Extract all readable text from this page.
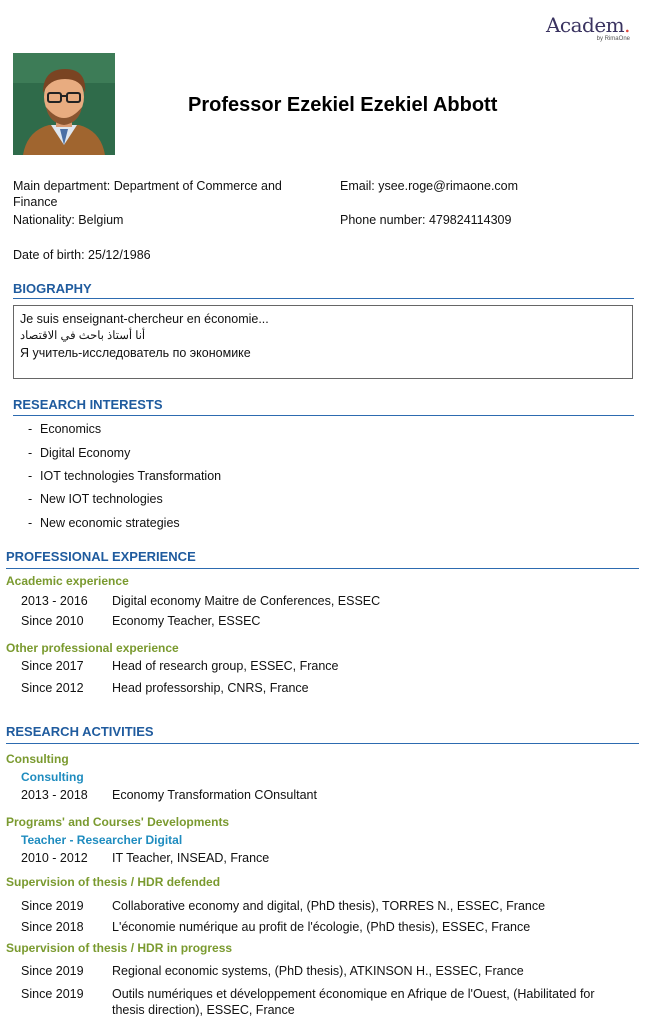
Academ.
by RimaOne
Professor Ezekiel Ezekiel Abbott
Main department: Department of Commerce and Finance
Email: ysee.roge@rimaone.com
Nationality: Belgium	Phone number: 479824114309
Date of birth: 25/12/1986
BIOGRAPHY
Je suis enseignant-chercheur en économie...
أنا أستاذ باحث في الاقتصاد
Я учитель-исследователь по экономике
RESEARCH INTERESTS
- Economics
- Digital Economy
- IOT technologies Transformation
- New IOT technologies
- New economic strategies
PROFESSIONAL EXPERIENCE
Academic experience
2013 - 2016 Digital economy Maitre de Conferences, ESSEC
Since 2010 Economy Teacher, ESSEC
Other professional experience
Since 2017 Head of research group, ESSEC, France
Since 2012 Head professorship, CNRS, France
RESEARCH ACTIVITIES
Consulting
Consulting
2013 - 2018 Economy Transformation COnsultant
Programs' and Courses' Developments
Teacher - Researcher Digital
2010 - 2012 IT Teacher, INSEAD, France
Supervision of thesis / HDR defended
Since 2019 Collaborative economy and digital, (PhD thesis), TORRES N., ESSEC, France
Since 2018 L'économie numérique au profit de l'écologie, (PhD thesis), ESSEC, France
Supervision of thesis / HDR in progress
Since 2019 Regional economic systems, (PhD thesis), ATKINSON H., ESSEC, France
Since 2019 Outils numériques et développement économique en Afrique de l'Ouest, (Habilitated for thesis direction), ESSEC, France
